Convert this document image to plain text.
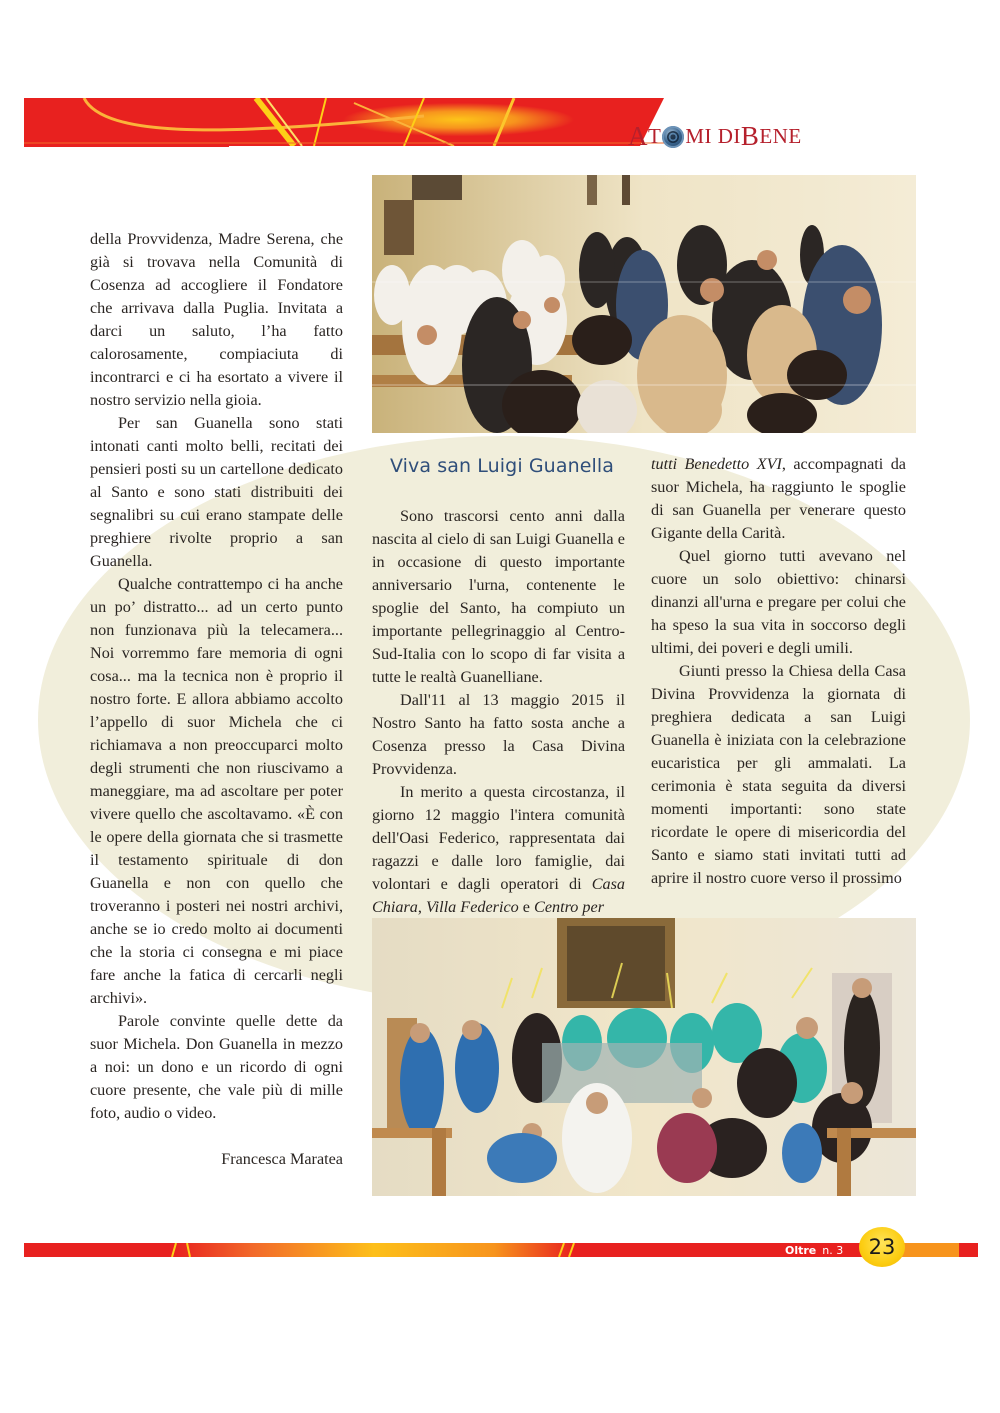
A T MI DI B ENE
Viva san Luigi Guanella

della Provvidenza, Madre Serena, che già si trovava nella Comunità di Cosenza ad accogliere il Fondatore che arrivava dalla Puglia. Invitata a darci un saluto, l’ha fatto calorosamente, compiaciuta di incontrarci e ci ha esortato a vivere il nostro servizio nella gioia.

Per san Guanella sono stati intonati canti molto belli, recitati dei pensieri posti su un cartellone dedicato al Santo e sono stati distribuiti dei segnalibri su cui erano stampate delle preghiere rivolte proprio a san Guanella.

Qualche contrattempo ci ha anche un po’ distratto... ad un certo punto non funzionava più la telecamera... Noi vorremmo fare memoria di ogni cosa... ma la tecnica non è proprio il nostro forte. E allora abbiamo accolto l’appello di suor Michela che ci richiamava a non preoccuparci molto degli strumenti che non riuscivamo a maneggiare, ma ad ascoltare per poter vivere quello che ascoltavamo. «È con le opere della giornata che si trasmette il testamento spirituale di don Guanella e non con quello che troveranno i posteri nei nostri archivi, anche se io credo molto ai documenti che la storia ci consegna e mi piace fare anche la fatica di cercarli negli archivi».

Parole convinte quelle dette da suor Michela. Don Guanella in mezzo a noi: un dono e un ricordo di ogni cuore presente, che vale più di mille foto, audio o video.

Francesca Maratea

Sono trascorsi cento anni dalla nascita al cielo di san Luigi Guanella e in occasione di questo importante anniversario l'urna, contenente le spoglie del Santo, ha compiuto un importante pellegrinaggio al Centro-Sud-Italia con lo scopo di far visita a tutte le realtà Guanelliane.

Dall'11 al 13 maggio 2015 il Nostro Santo ha fatto sosta anche a Cosenza presso la Casa Divina Provvidenza.

In merito a questa circostanza, il giorno 12 maggio l'intera comunità dell'Oasi Federico, rappresentata dai ragazzi e dalle loro famiglie, dai volontari e dagli operatori di Casa Chiara, Villa Federico e Centro per

tutti Benedetto XVI, accompagnati da suor Michela, ha raggiunto le spoglie di san Guanella per venerare questo Gigante della Carità.

Quel giorno tutti avevano nel cuore un solo obiettivo: chinarsi dinanzi all'urna e pregare per colui che ha speso la sua vita in soccorso degli ultimi, dei poveri e degli umili.

Giunti presso la Chiesa della Casa Divina Provvidenza la giornata di preghiera dedicata a san Luigi Guanella è iniziata con la celebrazione eucaristica per gli ammalati. La cerimonia è stata seguita da diversi momenti importanti: sono state ricordate le opere di misericordia del Santo e siamo stati invitati tutti ad aprire il nostro cuore verso il prossimo

Oltre n. 3	23
